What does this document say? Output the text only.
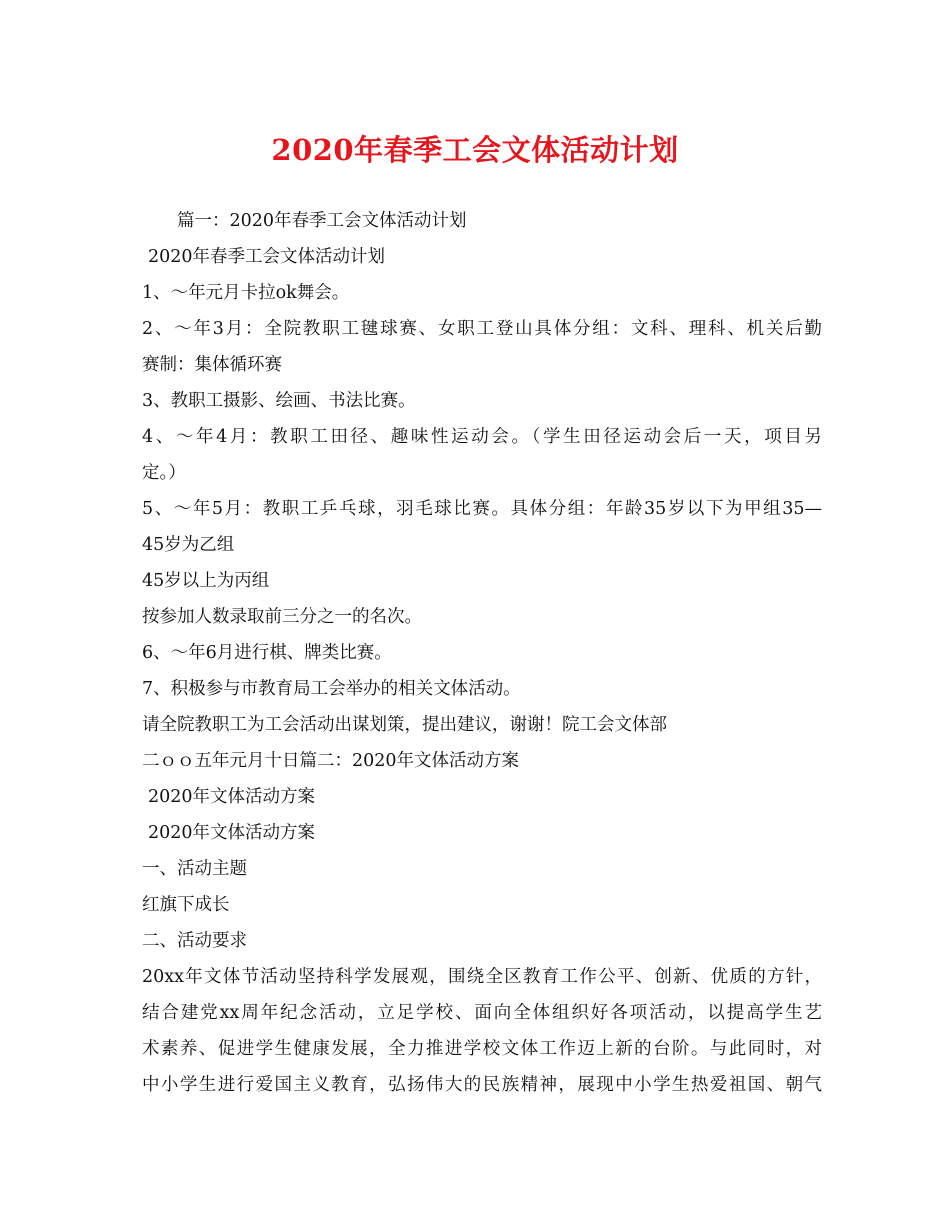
2020年春季工会文体活动计划
篇一：2020年春季工会文体活动计划
2020年春季工会文体活动计划
1、～年元月卡拉ok舞会。
2、～年3月：全院教职工毽球赛、女职工登山具体分组：文科、理科、机关后勤
赛制：集体循环赛
3、教职工摄影、绘画、书法比赛。
4、～年4月：教职工田径、趣味性运动会。（学生田径运动会后一天，项目另
定。）
5、～年5月：教职工乒乓球，羽毛球比赛。具体分组：年龄35岁以下为甲组35—
45岁为乙组
45岁以上为丙组
按参加人数录取前三分之一的名次。
6、～年6月进行棋、牌类比赛。
7、积极参与市教育局工会举办的相关文体活动。
请全院教职工为工会活动出谋划策，提出建议，谢谢！院工会文体部
二ｏｏ五年元月十日篇二：2020年文体活动方案
2020年文体活动方案
2020年文体活动方案
一、活动主题
红旗下成长
二、活动要求
20xx年文体节活动坚持科学发展观，围绕全区教育工作公平、创新、优质的方针，
结合建党xx周年纪念活动，立足学校、面向全体组织好各项活动，以提高学生艺
术素养、促进学生健康发展，全力推进学校文体工作迈上新的台阶。与此同时，对
中小学生进行爱国主义教育，弘扬伟大的民族精神，展现中小学生热爱祖国、朝气
